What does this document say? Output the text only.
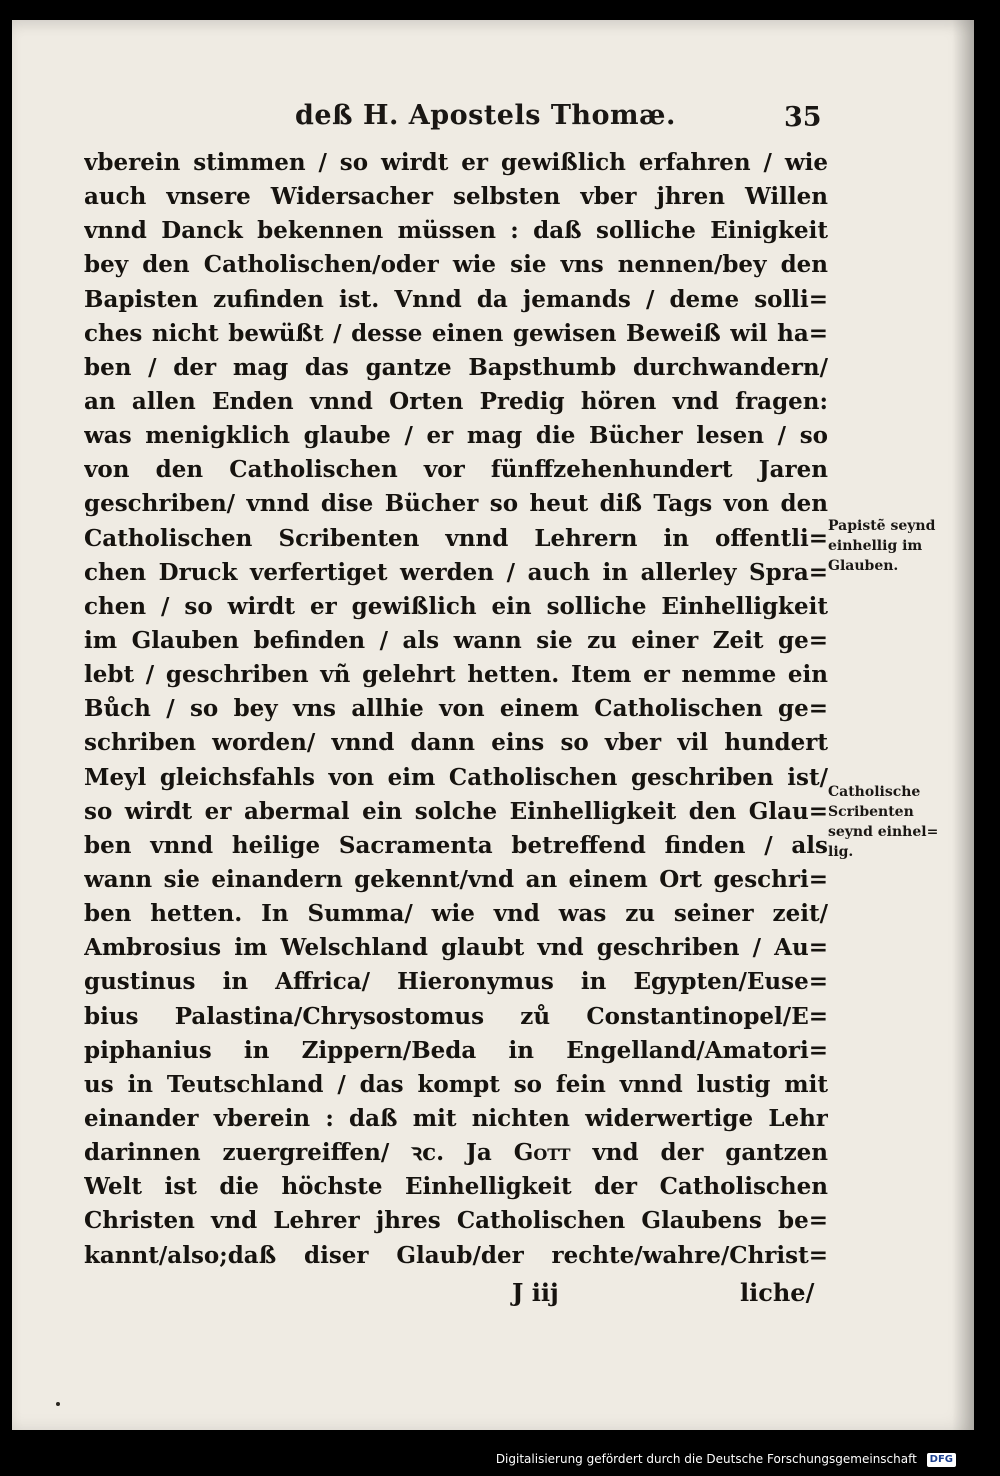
deß H. Apostels Thomæ.	35
vberein stimmen / so wirdt er gewißlich erfahren / wie
auch vnsere Widersacher selbsten vber jhren Willen
vnnd Danck bekennen müssen : daß solliche Einigkeit
bey den Catholischen/oder wie sie vns nennen/bey den
Bapisten zufinden ist. Vnnd da jemands / deme solli=
ches nicht bewüßt / desse einen gewisen Beweiß wil ha=
ben / der mag das gantze Bapsthumb durchwandern/
an allen Enden vnnd Orten Predig hören vnd fragen:
was menigklich glaube / er mag die Bücher lesen / so
von den Catholischen vor fünffzehenhundert Jaren
geschriben/ vnnd dise Bücher so heut diß Tags von den
Catholischen Scribenten vnnd Lehrern in offentli=
chen Druck verfertiget werden / auch in allerley Spra=
chen / so wirdt er gewißlich ein solliche Einhelligkeit
im Glauben befinden / als wann sie zu einer Zeit ge=
lebt / geschriben vñ gelehrt hetten. Item er nemme ein
Bůch / so bey vns allhie von einem Catholischen ge=
schriben worden/ vnnd dann eins so vber vil hundert
Meyl gleichsfahls von eim Catholischen geschriben ist/
so wirdt er abermal ein solche Einhelligkeit den Glau=
ben vnnd heilige Sacramenta betreffend finden / als
wann sie einandern gekennt/vnd an einem Ort geschri=
ben hetten. In Summa/ wie vnd was zu seiner zeit/
Ambrosius im Welschland glaubt vnd geschriben / Au=
gustinus in Affrica/ Hieronymus in Egypten/Euse=
bius Palastina/Chrysostomus zů Constantinopel/E=
piphanius in Zippern/Beda in Engelland/Amatori=
us in Teutschland / das kompt so fein vnnd lustig mit
einander vberein : daß mit nichten widerwertige Lehr
darinnen zuergreiffen/ ꝛc. Ja Gott vnd der gantzen
Welt ist die höchste Einhelligkeit der Catholischen
Christen vnd Lehrer jhres Catholischen Glaubens be=
kannt/also;daß diser Glaub/der rechte/wahre/Christ=
J iij	liche/
Papistẽ seynd
einhellig im
Glauben.
Catholische
Scribenten
seynd einhel=
lig.
Digitalisierung gefördert durch die Deutsche Forschungsgemeinschaft DFG
